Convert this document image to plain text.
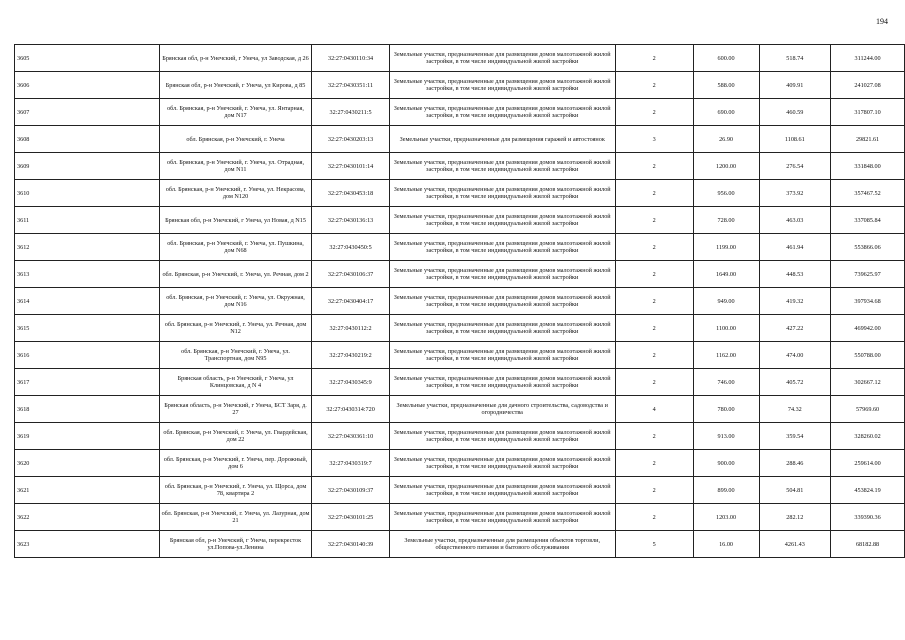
194
3605	Брянская обл, р-н Унечский, г Унеча, ул Заводская, д 26	32:27:0430110:34	Земельные участки, предназначенные для размещения домов малоэтажной жилой застройки, в том числе индивидуальной жилой застройки	2	600.00	518.74	311244.00
3606	Брянская обл, р-н Унечский, г Унеча, ул Кирова, д 85	32:27:0430351:11	Земельные участки, предназначенные для размещения домов малоэтажной жилой застройки, в том числе индивидуальной жилой застройки	2	588.00	409.91	241027.08
3607	обл. Брянская, р-н Унечский, г. Унеча, ул. Янтарная, дом N17	32:27:0430211:5	Земельные участки, предназначенные для размещения домов малоэтажной жилой застройки, в том числе индивидуальной жилой застройки	2	690.00	460.59	317807.10
3608	обл. Брянская, р-н Унечский, г. Унеча	32:27:0430203:13	Земельные участки, предназначенные для размещения гаражей и автостоянок	3	26.90	1108.61	29821.61
3609	обл. Брянская, р-н Унечский, г. Унеча, ул. Отрадная, дом N11	32:27:0430101:14	Земельные участки, предназначенные для размещения домов малоэтажной жилой застройки, в том числе индивидуальной жилой застройки	2	1200.00	276.54	331848.00
3610	обл. Брянская, р-н Унечский, г. Унеча, ул. Некрасова, дом N120	32:27:0430453:18	Земельные участки, предназначенные для размещения домов малоэтажной жилой застройки, в том числе индивидуальной жилой застройки	2	956.00	373.92	357467.52
3611	Брянская обл, р-н Унечский, г Унеча, ул Новая, д N15	32:27:0430136:13	Земельные участки, предназначенные для размещения домов малоэтажной жилой застройки, в том числе индивидуальной жилой застройки	2	728.00	463.03	337085.84
3612	обл. Брянская, р-н Унечский, г. Унеча, ул. Пушкина, дом N68	32:27:0430450:5	Земельные участки, предназначенные для размещения домов малоэтажной жилой застройки, в том числе индивидуальной жилой застройки	2	1199.00	461.94	553866.06
3613	обл. Брянская, р-н Унечский, г. Унеча, ул. Речная, дом 2	32:27:0430106:37	Земельные участки, предназначенные для размещения домов малоэтажной жилой застройки, в том числе индивидуальной жилой застройки	2	1649.00	448.53	739625.97
3614	обл. Брянская, р-н Унечский, г. Унеча, ул. Окружная, дом N16	32:27:0430404:17	Земельные участки, предназначенные для размещения домов малоэтажной жилой застройки, в том числе индивидуальной жилой застройки	2	949.00	419.32	397934.68
3615	обл. Брянская, р-н Унечский, г. Унеча, ул. Речная, дом N12	32:27:0430112:2	Земельные участки, предназначенные для размещения домов малоэтажной жилой застройки, в том числе индивидуальной жилой застройки	2	1100.00	427.22	469942.00
3616	обл. Брянская, р-н Унечский, г. Унеча, ул. Транспортная, дом N95	32:27:0430219:2	Земельные участки, предназначенные для размещения домов малоэтажной жилой застройки, в том числе индивидуальной жилой застройки	2	1162.00	474.00	550788.00
3617	Брянская область, р-н Унечский, г Унеча, ул Клинцовская, д N 4	32:27:0430345:9	Земельные участки, предназначенные для размещения домов малоэтажной жилой застройки, в том числе индивидуальной жилой застройки	2	746.00	405.72	302667.12
3618	Брянская область, р-н Унечский, г Унеча, БСТ Заря, д. 27	32:27:0430314:720	Земельные участки, предназначенные для дачного строительства, садоводства и огородничества	4	780.00	74.32	57969.60
3619	обл. Брянская, р-н Унечский, г. Унеча, ул. Гвардейская, дом 22	32:27:0430361:10	Земельные участки, предназначенные для размещения домов малоэтажной жилой застройки, в том числе индивидуальной жилой застройки	2	913.00	359.54	328260.02
3620	обл. Брянская, р-н Унечский, г. Унеча, пер. Дорожный, дом 6	32:27:0430319:7	Земельные участки, предназначенные для размещения домов малоэтажной жилой застройки, в том числе индивидуальной жилой застройки	2	900.00	288.46	259614.00
3621	обл. Брянская, р-н Унечский, г. Унеча, ул. Щорса, дом 78, квартира 2	32:27:0430109:37	Земельные участки, предназначенные для размещения домов малоэтажной жилой застройки, в том числе индивидуальной жилой застройки	2	899.00	504.81	453824.19
3622	обл. Брянская, р-н Унечский, г. Унеча, ул. Лазурная, дом 21	32:27:0430101:25	Земельные участки, предназначенные для размещения домов малоэтажной жилой застройки, в том числе индивидуальной жилой застройки	2	1203.00	282.12	339390.36
3623	Брянская обл, р-н Унечский, г Унеча, перекресток ул.Попова-ул.Ленина	32:27:0430140:39	Земельные участки, предназначенные для размещения объектов торговли, общественного питания и бытового обслуживания	5	16.00	4261.43	68182.88
